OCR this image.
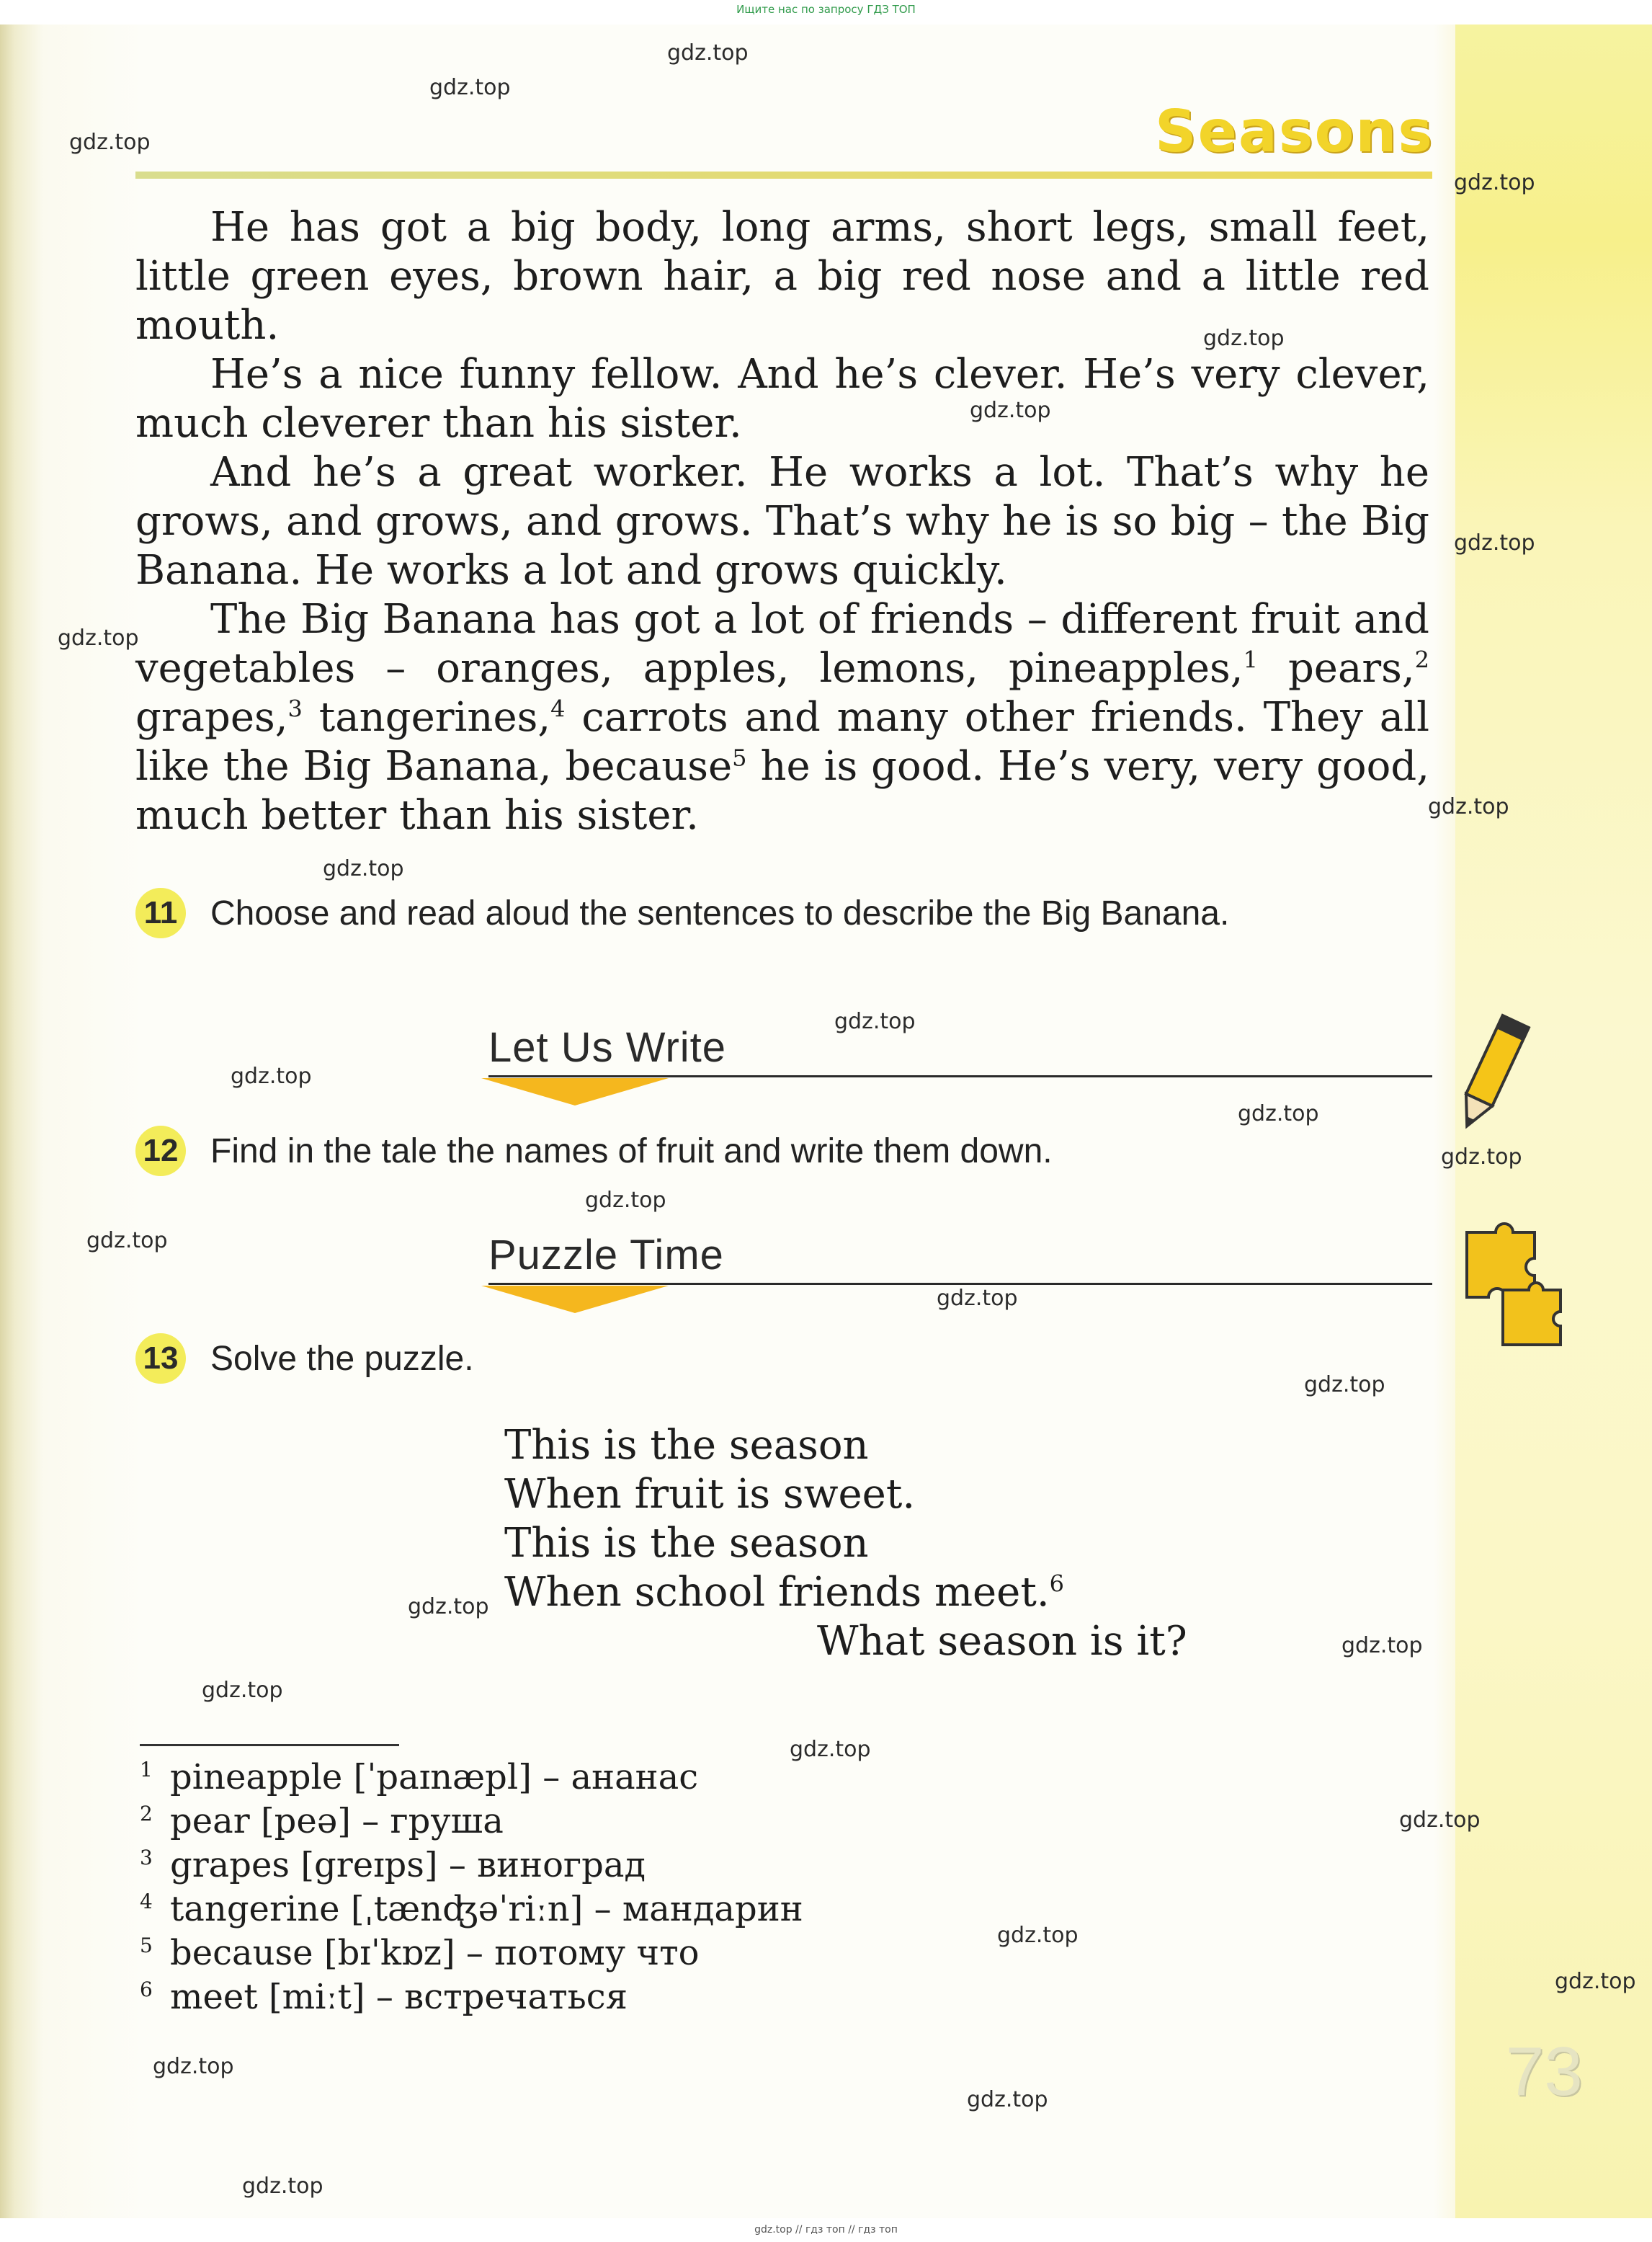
Ищите нас по запросу ГДЗ ТОП
Seasons

He has got a big body, long arms, short legs, small feet, little green eyes, brown hair, a big red nose and a little red mouth.

He’s a nice funny fellow. And he’s clever. He’s very clever, much cleverer than his sister.

And he’s a great worker. He works a lot. That’s why he grows, and grows, and grows. That’s why he is so big – the Big Banana. He works a lot and grows quickly.

The Big Banana has got a lot of friends – different fruit and vegetables – oranges, apples, lemons, pineapples,$^1$ pears,$^2$ grapes,$^3$ tangerines,$^4$ carrots and many other friends. They all like the Big Banana, because$^5$ he is good. He’s very, very good, much better than his sister.

11 Choose and read aloud the sentences to describe the Big Banana.
Let Us Write
12 Find in the tale the names of fruit and write them down.
Puzzle Time
13 Solve the puzzle.
This is the season
When fruit is sweet.
This is the season
When school friends meet.$^6$
What season is it?
$^1$ pineapple [ˈpaɪnæpl] – ананас
$^2$ pear [peə] – груша
$^3$ grapes [greɪps] – виноград
$^4$ tangerine [ˌtænʤəˈriːn] – мандарин
$^5$ because [bɪˈkɒz] – потому что
$^6$ meet [miːt] – встречаться
73
gdz.top // гдз топ // гдз топ
gdz.top
gdz.top
gdz.top
gdz.top
gdz.top
gdz.top
gdz.top
gdz.top
gdz.top
gdz.top
gdz.top
gdz.top
gdz.top
gdz.top
gdz.top
gdz.top
gdz.top
gdz.top
gdz.top
gdz.top
gdz.top
gdz.top
gdz.top
gdz.top
gdz.top
gdz.top
gdz.top
gdz.top
